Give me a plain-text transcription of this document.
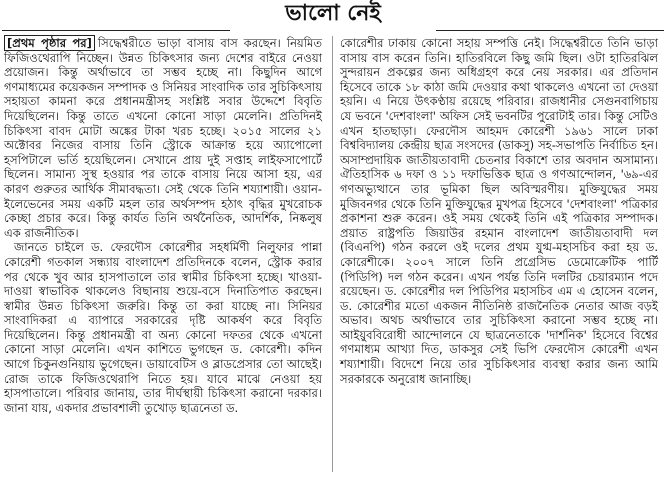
ভালো নেই

[প্রথম পৃষ্ঠার পর] সিদ্ধেশ্বরীতে ভাড়া বাসায় বাস করছেন। নিয়মিত ফিজিওথেরাপি নিচ্ছেন। উন্নত চিকিৎসার জন্য দেশের বাইরে নেওয়া প্রয়োজন। কিন্তু অর্থাভাবে তা সম্ভব হচ্ছে না। কিছুদিন আগে গণমাধ্যমের কয়েকজন সম্পাদক ও সিনিয়র সাংবাদিক তার সুচিকিৎসায় সহায়তা কামনা করে প্রধানমন্ত্রীসহ সংশ্লিষ্ট সবার উদ্দেশে বিবৃতি দিয়েছিলেন। কিন্তু তাতে এখনো কোনো সাড়া মেলেনি। প্রতিদিনই চিকিৎসা বাবদ মোটা অঙ্কের টাকা খরচ হচ্ছে। ২০১৫ সালের ২১ অক্টোবর নিজের বাসায় তিনি স্ট্রোকে আক্রান্ত হয়ে অ্যাপোলো হসপিটালে ভর্তি হয়েছিলেন। সেখানে প্রায় দুই সপ্তাহ লাইফসাপোর্টে ছিলেন। সামান্য সুস্থ হওয়ার পর তাকে বাসায় নিয়ে আসা হয়, এর কারণ গুরুতর আর্থিক সীমাবদ্ধতা। সেই থেকে তিনি শয্যাশায়ী। ওয়ান-ইলেভেনের সময় একটি মহল তার অর্থসম্পদ হঠাৎ বৃদ্ধির মুখরোচক কেচ্ছা প্রচার করে। কিন্তু কার্যত তিনি অর্থনৈতিক, আদর্শিক, নিষ্কলুষ এক রাজনীতিক।

জানতে চাইলে ড. ফেরদৌস কোরেশীর সহধর্মিণী নিলুফার পান্না কোরেশী গতকাল সন্ধ্যায় বাংলাদেশ প্রতিদিনকে বলেন, স্ট্রোক করার পর থেকে খুব আর হাসপাতালে তার স্বামীর চিকিৎসা হচ্ছে। খাওয়া-দাওয়া স্বাভাবিক থাকলেও বিছানায় শুয়ে-বসে দিনাতিপাত করছেন। স্বামীর উন্নত চিকিৎসা জরুরি। কিন্তু তা করা যাচ্ছে না। সিনিয়র সাংবাদিকরা এ ব্যাপারে সরকারের দৃষ্টি আকর্ষণ করে বিবৃতি দিয়েছিলেন। কিন্তু প্রধানমন্ত্রী বা অন্য কোনো দফতর থেকে এখনো কোনো সাড়া মেলেনি। এখন কাশিতে ভুগছেন ড. কোরেশী। কদিন আগে চিকুনগুনিয়ায় ভুগেছেন। ডায়াবেটিস ও ব্লাডপ্রেসার তো আছেই। রোজ তাকে ফিজিওথেরাপি নিতে হয়। যাবে মাঝে নেওয়া হয় হাসপাতালে। পরিবার জানায়, তার দীর্ঘস্থায়ী চিকিৎসা করানো দরকার। জানা যায়, একদার প্রভাবশালী তুখোড় ছাত্রনেতা ড.

কোরেশীর ঢাকায় কোনো সহায় সম্পত্তি নেই। সিদ্ধেশ্বরীতে তিনি ভাড়া বাসায় বাস করেন তিনি। হাতিরবিলে কিছু জমি ছিল। ওটা হাতিরঝিল সুন্দরায়ন প্রকল্পের জন্য অধিগ্রহণ করে নেয় সরকার। এর প্রতিদান হিসেবে তাকে ১৮ কাঠা জমি দেওয়ার কথা থাকলেও এখনো তা দেওয়া হয়নি। এ নিয়ে উৎকণ্ঠায় রয়েছে পরিবার। রাজধানীর সেগুনবাগিচায় যে ভবনে 'দেশবাংলা' অফিস সেই ভবনটির পুরোটাই তার। কিন্তু সেটিও এখন হাতছাড়া। ফেরদৌস আহমদ কোরেশী ১৯৬১ সালে ঢাকা বিশ্ববিদ্যালয় কেন্দ্রীয় ছাত্র সংসদের (ডাকসু) সহ-সভাপতি নির্বাচিত হন। অসাম্প্রদায়িক জাতীয়তাবাদী চেতনার বিকাশে তার অবদান অসামান্য। ঐতিহাসিক ৬ দফা ও ১১ দফাভিত্তিক ছাত্র ও গণআন্দোলন, '৬৯-এর গণঅভ্যুত্থানে তার ভূমিকা ছিল অবিস্মরণীয়। মুক্তিযুদ্ধের সময় মুজিবনগর থেকে তিনি মুক্তিযুদ্ধের মুখপত্র হিসেবে 'দেশবাংলা' পত্রিকার প্রকাশনা শুরু করেন। ওই সময় থেকেই তিনি এই পত্রিকার সম্পাদক। প্রয়াত রাষ্ট্রপতি জিয়াউর রহমান বাংলাদেশ জাতীয়তাবাদী দল (বিএনপি) গঠন করলে ওই দলের প্রথম যুগ্ম-মহাসচিব করা হয় ড. কোরেশীকে। ২০০৭ সালে তিনি প্রগ্রেসিভ ডেমোক্রেটিক পার্টি (পিডিপি) দল গঠন করেন। এখন পর্যন্ত তিনি দলটির চেয়ারম্যান পদে রয়েছেন। ড. কোরেশীর দল পিডিপির মহাসচিব এম এ হোসেন বলেন, ড. কোরেশীর মতো একজন নীতিনিষ্ঠ রাজনৈতিক নেতার আজ বড়ই অভাব। অথচ অর্থাভাবে তার সুচিকিৎসা করানো সম্ভব হচ্ছে না। আইয়ুববিরোধী আন্দোলনে যে ছাত্রনেতাকে 'দার্শনিক' হিসেবে বিশ্বের গণমাধ্যম আখ্যা দিত, ডাকসুর সেই ভিপি ফেরদৌস কোরেশী এখন শয্যাশায়ী। বিদেশে নিয়ে তার সুচিকিৎসার ব্যবস্থা করার জন্য আমি সরকারকে অনুরোধ জানাচ্ছি।
